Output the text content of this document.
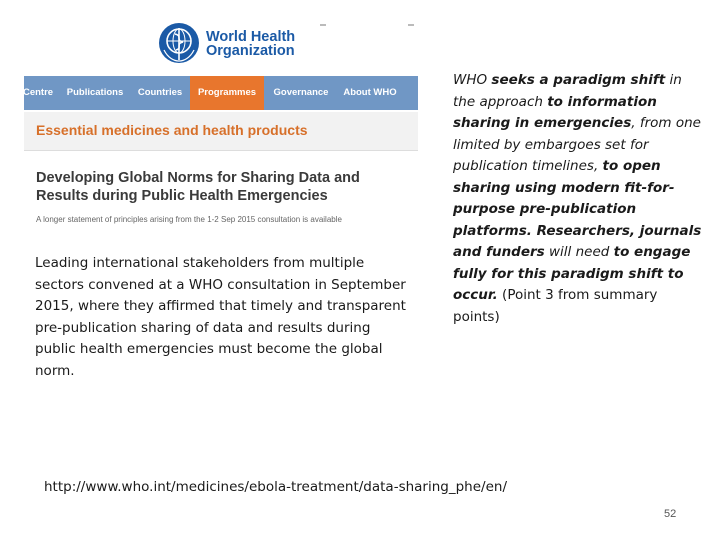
World Health
Organization
Centre	Publications	Countries	Programmes	Governance	About WHO
Essential medicines and health products
Developing Global Norms for Sharing Data and Results during Public Health Emergencies
A longer statement of principles arising from the 1-2 Sep 2015 consultation is available
Leading international stakeholders from multiple sectors convened at a WHO consultation in September 2015, where they affirmed that timely and transparent pre-publication sharing of data and results during public health emergencies must become the global norm.
WHO seeks a paradigm shift in the approach to information sharing in emergencies, from one limited by embargoes set for publication timelines, to open sharing using modern fit-for-purpose pre-publication platforms. Researchers, journals and funders will need to engage fully for this paradigm shift to occur. (Point 3 from summary points)
http://www.who.int/medicines/ebola-treatment/data-sharing_phe/en/
52
